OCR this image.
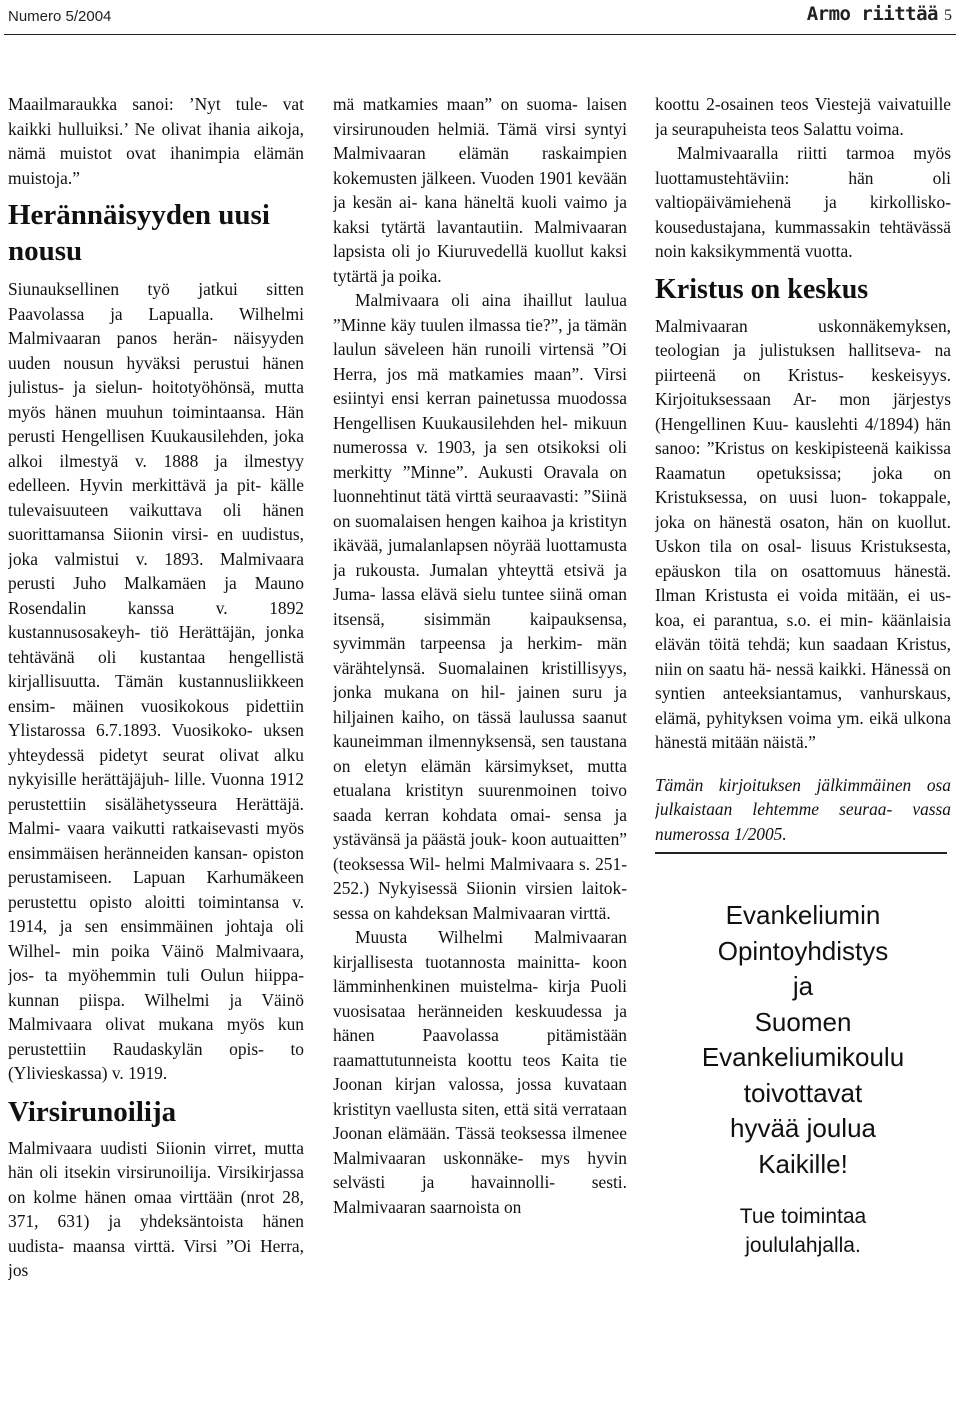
Numero 5/2004	Armo riittää 5

Maailmaraukka sanoi: ’Nyt tule- vat kaikki hulluiksi.’ Ne olivat ihania aikoja, nämä muistot ovat ihanimpia elämän muistoja.”

Herännäisyyden uusi nousu

Siunauksellinen työ jatkui sitten Paavolassa ja Lapualla. Wilhelmi Malmivaaran panos herän- näisyyden uuden nousun hyväksi perustui hänen julistus- ja sielun- hoitotyöhönsä, mutta myös hänen muuhun toimintaansa. Hän perusti Hengellisen Kuukausilehden, joka alkoi ilmestyä v. 1888 ja ilmestyy edelleen. Hyvin merkittävä ja pit- källe tulevaisuuteen vaikuttava oli hänen suorittamansa Siionin virsi- en uudistus, joka valmistui v. 1893. Malmivaara perusti Juho Malkamäen ja Mauno Rosendalin kanssa v. 1892 kustannusosakeyh- tiö Herättäjän, jonka tehtävänä oli kustantaa hengellistä kirjallisuutta. Tämän kustannusliikkeen ensim- mäinen vuosikokous pidettiin Ylistarossa 6.7.1893. Vuosikoko- uksen yhteydessä pidetyt seurat olivat alku nykyisille herättäjäjuh- lille. Vuonna 1912 perustettiin sisälähetysseura Herättäjä. Malmi- vaara vaikutti ratkaisevasti myös ensimmäisen heränneiden kansan- opiston perustamiseen. Lapuan Karhumäkeen perustettu opisto aloitti toimintansa v. 1914, ja sen ensimmäinen johtaja oli Wilhel- min poika Väinö Malmivaara, jos- ta myöhemmin tuli Oulun hiippa- kunnan piispa. Wilhelmi ja Väinö Malmivaara olivat mukana myös kun perustettiin Raudaskylän opis- to (Ylivieskassa) v. 1919.

Virsirunoilija

Malmivaara uudisti Siionin virret, mutta hän oli itsekin virsirunoilija. Virsikirjassa on kolme hänen omaa virttään (nrot 28, 371, 631) ja yhdeksäntoista hänen uudista- maansa virttä. Virsi ”Oi Herra, jos

mä matkamies maan” on suoma- laisen virsirunouden helmiä. Tämä virsi syntyi Malmivaaran elämän raskaimpien kokemusten jälkeen. Vuoden 1901 kevään ja kesän ai- kana häneltä kuoli vaimo ja kaksi tytärtä lavantautiin. Malmivaaran lapsista oli jo Kiuruvedellä kuollut kaksi tytärtä ja poika.

Malmivaara oli aina ihaillut laulua ”Minne käy tuulen ilmassa tie?”, ja tämän laulun säveleen hän runoili virtensä ”Oi Herra, jos mä matkamies maan”. Virsi esiintyi ensi kerran painetussa muodossa Hengellisen Kuukausilehden hel- mikuun numerossa v. 1903, ja sen otsikoksi oli merkitty ”Minne”. Aukusti Oravala on luonnehtinut tätä virttä seuraavasti: ”Siinä on suomalaisen hengen kaihoa ja kristityn ikävää, jumalanlapsen nöyrää luottamusta ja rukousta. Jumalan yhteyttä etsivä ja Juma- lassa elävä sielu tuntee siinä oman itsensä, sisimmän kaipauksensa, syvimmän tarpeensa ja herkim- män värähtelynsä. Suomalainen kristillisyys, jonka mukana on hil- jainen suru ja hiljainen kaiho, on tässä laulussa saanut kauneimman ilmennyksensä, sen taustana on eletyn elämän kärsimykset, mutta etualana kristityn suurenmoinen toivo saada kerran kohdata omai- sensa ja ystävänsä ja päästä jouk- koon autuaitten” (teoksessa Wil- helmi Malmivaara s. 251-252.) Nykyisessä Siionin virsien laitok- sessa on kahdeksan Malmivaaran virttä.

Muusta Wilhelmi Malmivaaran kirjallisesta tuotannosta mainitta- koon lämminhenkinen muistelma- kirja Puoli vuosisataa heränneiden keskuudessa ja hänen Paavolassa pitämistään raamattutunneista koottu teos Kaita tie Joonan kirjan valossa, jossa kuvataan kristityn vaellusta siten, että sitä verrataan Joonan elämään. Tässä teoksessa ilmenee Malmivaaran uskonnäke- mys hyvin selvästi ja havainnolli- sesti. Malmivaaran saarnoista on

koottu 2-osainen teos Viestejä vaivatuille ja seurapuheista teos Salattu voima.

Malmivaaralla riitti tarmoa myös luottamustehtäviin: hän oli valtiopäivämiehenä ja kirkollisko- kousedustajana, kummassakin tehtävässä noin kaksikymmentä vuotta.

Kristus on keskus

Malmivaaran uskonnäkemyksen, teologian ja julistuksen hallitseva- na piirteenä on Kristus- keskeisyys. Kirjoituksessaan Ar- mon järjestys (Hengellinen Kuu- kauslehti 4/1894) hän sanoo: ”Kristus on keskipisteenä kaikissa Raamatun opetuksissa; joka on Kristuksessa, on uusi luon- tokappale, joka on hänestä osaton, hän on kuollut. Uskon tila on osal- lisuus Kristuksesta, epäuskon tila on osattomuus hänestä. Ilman Kristusta ei voida mitään, ei us- koa, ei parantua, s.o. ei min- käänlaisia elävän töitä tehdä; kun saadaan Kristus, niin on saatu hä- nessä kaikki. Hänessä on syntien anteeksiantamus, vanhurskaus, elämä, pyhityksen voima ym. eikä ulkona hänestä mitään näistä.”

Tämän kirjoituksen jälkimmäinen osa julkaistaan lehtemme seuraa- vassa numerossa 1/2005.

Evankeliumin
Opintoyhdistys
ja
Suomen
Evankeliumikoulu
toivottavat
hyvää joulua
Kaikille!
Tue toimintaa
joululahjalla.
